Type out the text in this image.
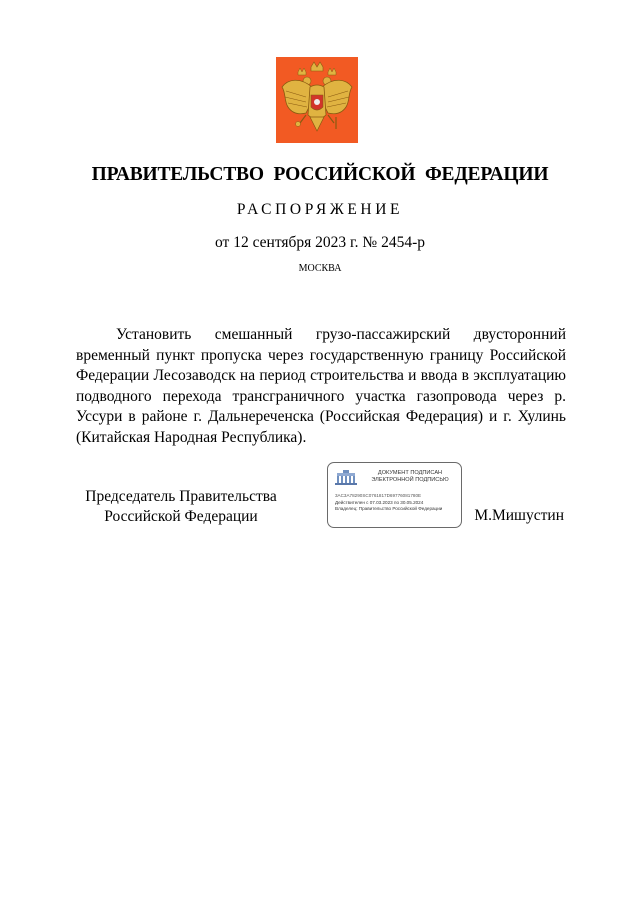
ПРАВИТЕЛЬСТВО РОССИЙСКОЙ ФЕДЕРАЦИИ
РАСПОРЯЖЕНИЕ
от 12 сентября 2023 г. № 2454-р
МОСКВА

Установить смешанный грузо-пассажирский двусторонний временный пункт пропуска через государственную границу Российской Федерации Лесозаводск на период строительства и ввода в эксплуатацию подводного перехода трансграничного участка газопровода через р. Уссури в районе г. Дальнереченска (Российская Федерация) и г. Хулинь (Китайская Народная Республика).

Председатель Правительства
Российской Федерации
ДОКУМЕНТ ПОДПИСАН
ЭЛЕКТРОННОЙ ПОДПИСЬЮ
3AC3A78290SC0761817D69776081780E
Действителен с 07.03.2023 по 30.05.2024
Владелец: Правительство Российской Федерации	М.Мишустин
